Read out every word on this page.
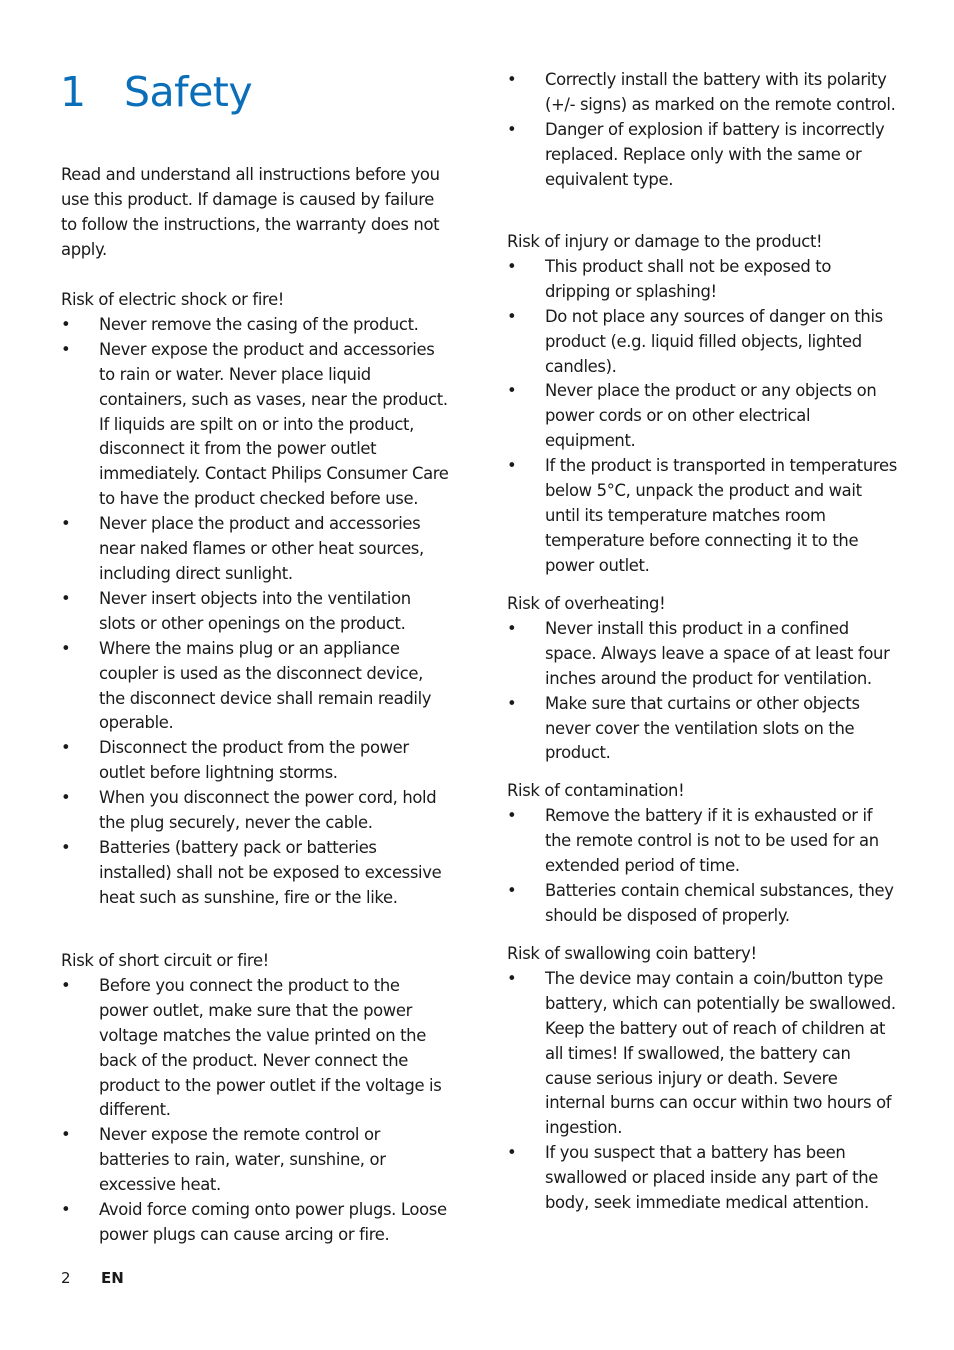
1 Safety

Read and understand all instructions before you use this product. If damage is caused by failure to follow the instructions, the warranty does not apply.

Risk of electric shock or fire!

• Never remove the casing of the product.
• Never expose the product and accessories to rain or water. Never place liquid containers, such as vases, near the product. If liquids are spilt on or into the product, disconnect it from the power outlet immediately. Contact Philips Consumer Care to have the product checked before use.
• Never place the product and accessories near naked flames or other heat sources, including direct sunlight.
• Never insert objects into the ventilation slots or other openings on the product.
• Where the mains plug or an appliance coupler is used as the disconnect device, the disconnect device shall remain readily operable.
• Disconnect the product from the power outlet before lightning storms.
• When you disconnect the power cord, hold the plug securely, never the cable.
• Batteries (battery pack or batteries installed) shall not be exposed to excessive heat such as sunshine, fire or the like.

Risk of short circuit or fire!

• Before you connect the product to the power outlet, make sure that the power voltage matches the value printed on the back of the product. Never connect the product to the power outlet if the voltage is different.
• Never expose the remote control or batteries to rain, water, sunshine, or excessive heat.
• Avoid force coming onto power plugs. Loose power plugs can cause arcing or fire.
• Correctly install the battery with its polarity (+/- signs) as marked on the remote control.
• Danger of explosion if battery is incorrectly replaced. Replace only with the same or equivalent type.

Risk of injury or damage to the product!

• This product shall not be exposed to dripping or splashing!
• Do not place any sources of danger on this product (e.g. liquid filled objects, lighted candles).
• Never place the product or any objects on power cords or on other electrical equipment.
• If the product is transported in temperatures below 5°C, unpack the product and wait until its temperature matches room temperature before connecting it to the power outlet.

Risk of overheating!

• Never install this product in a confined space. Always leave a space of at least four inches around the product for ventilation.
• Make sure that curtains or other objects never cover the ventilation slots on the product.

Risk of contamination!

• Remove the battery if it is exhausted or if the remote control is not to be used for an extended period of time.
• Batteries contain chemical substances, they should be disposed of properly.

Risk of swallowing coin battery!

• The device may contain a coin/button type battery, which can potentially be swallowed. Keep the battery out of reach of children at all times! If swallowed, the battery can cause serious injury or death. Severe internal burns can occur within two hours of ingestion.
• If you suspect that a battery has been swallowed or placed inside any part of the body, seek immediate medical attention.
2 EN
